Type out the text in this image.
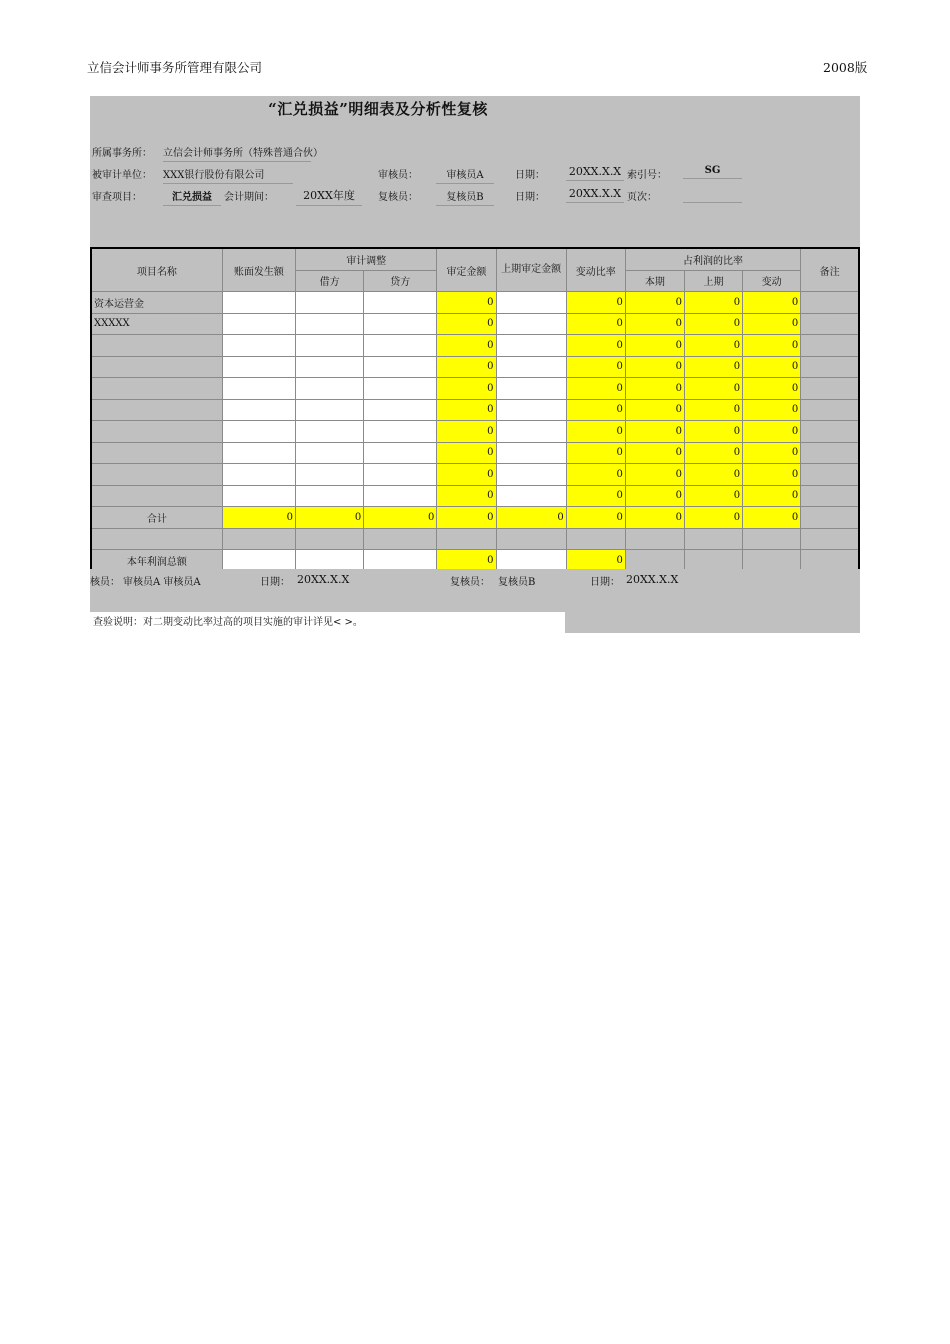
立信会计师事务所管理有限公司	2008版
“汇兑损益”明细表及分析性复核
所属事务所： 立信会计师事务所（特殊普通合伙）
被审计单位： XXX银行股份有限公司	审核员：	审核员A	日期： 20XX.X.X 索引号：	SG
审查项目：	汇兑损益	会计期间：	20XX年度	复核员：	复核员B	日期： 20XX.X.X 页次：
项目名称	账面发生额	审计调整		审定金额	上期审定金额	变动比率	占利润的比率			备注
		借方	贷方				本期	上期	变动	
资本运营金				0		0	0	0	0	
XXXXX				0		0	0	0	0	
				0		0	0	0	0	
				0		0	0	0	0	
				0		0	0	0	0	
				0		0	0	0	0	
				0		0	0	0	0	
				0		0	0	0	0	
				0		0	0	0	0	
				0		0	0	0	0	
合计	0	0	0	0	0	0	0	0	0	

本年利润总额				0		0				
核员： 审核员A 审核员A	日期： 20XX.X.X	复核员： 复核员B	日期： 20XX.X.X
查验说明：对二期变动比率过高的项目实施的审计详见< >。
